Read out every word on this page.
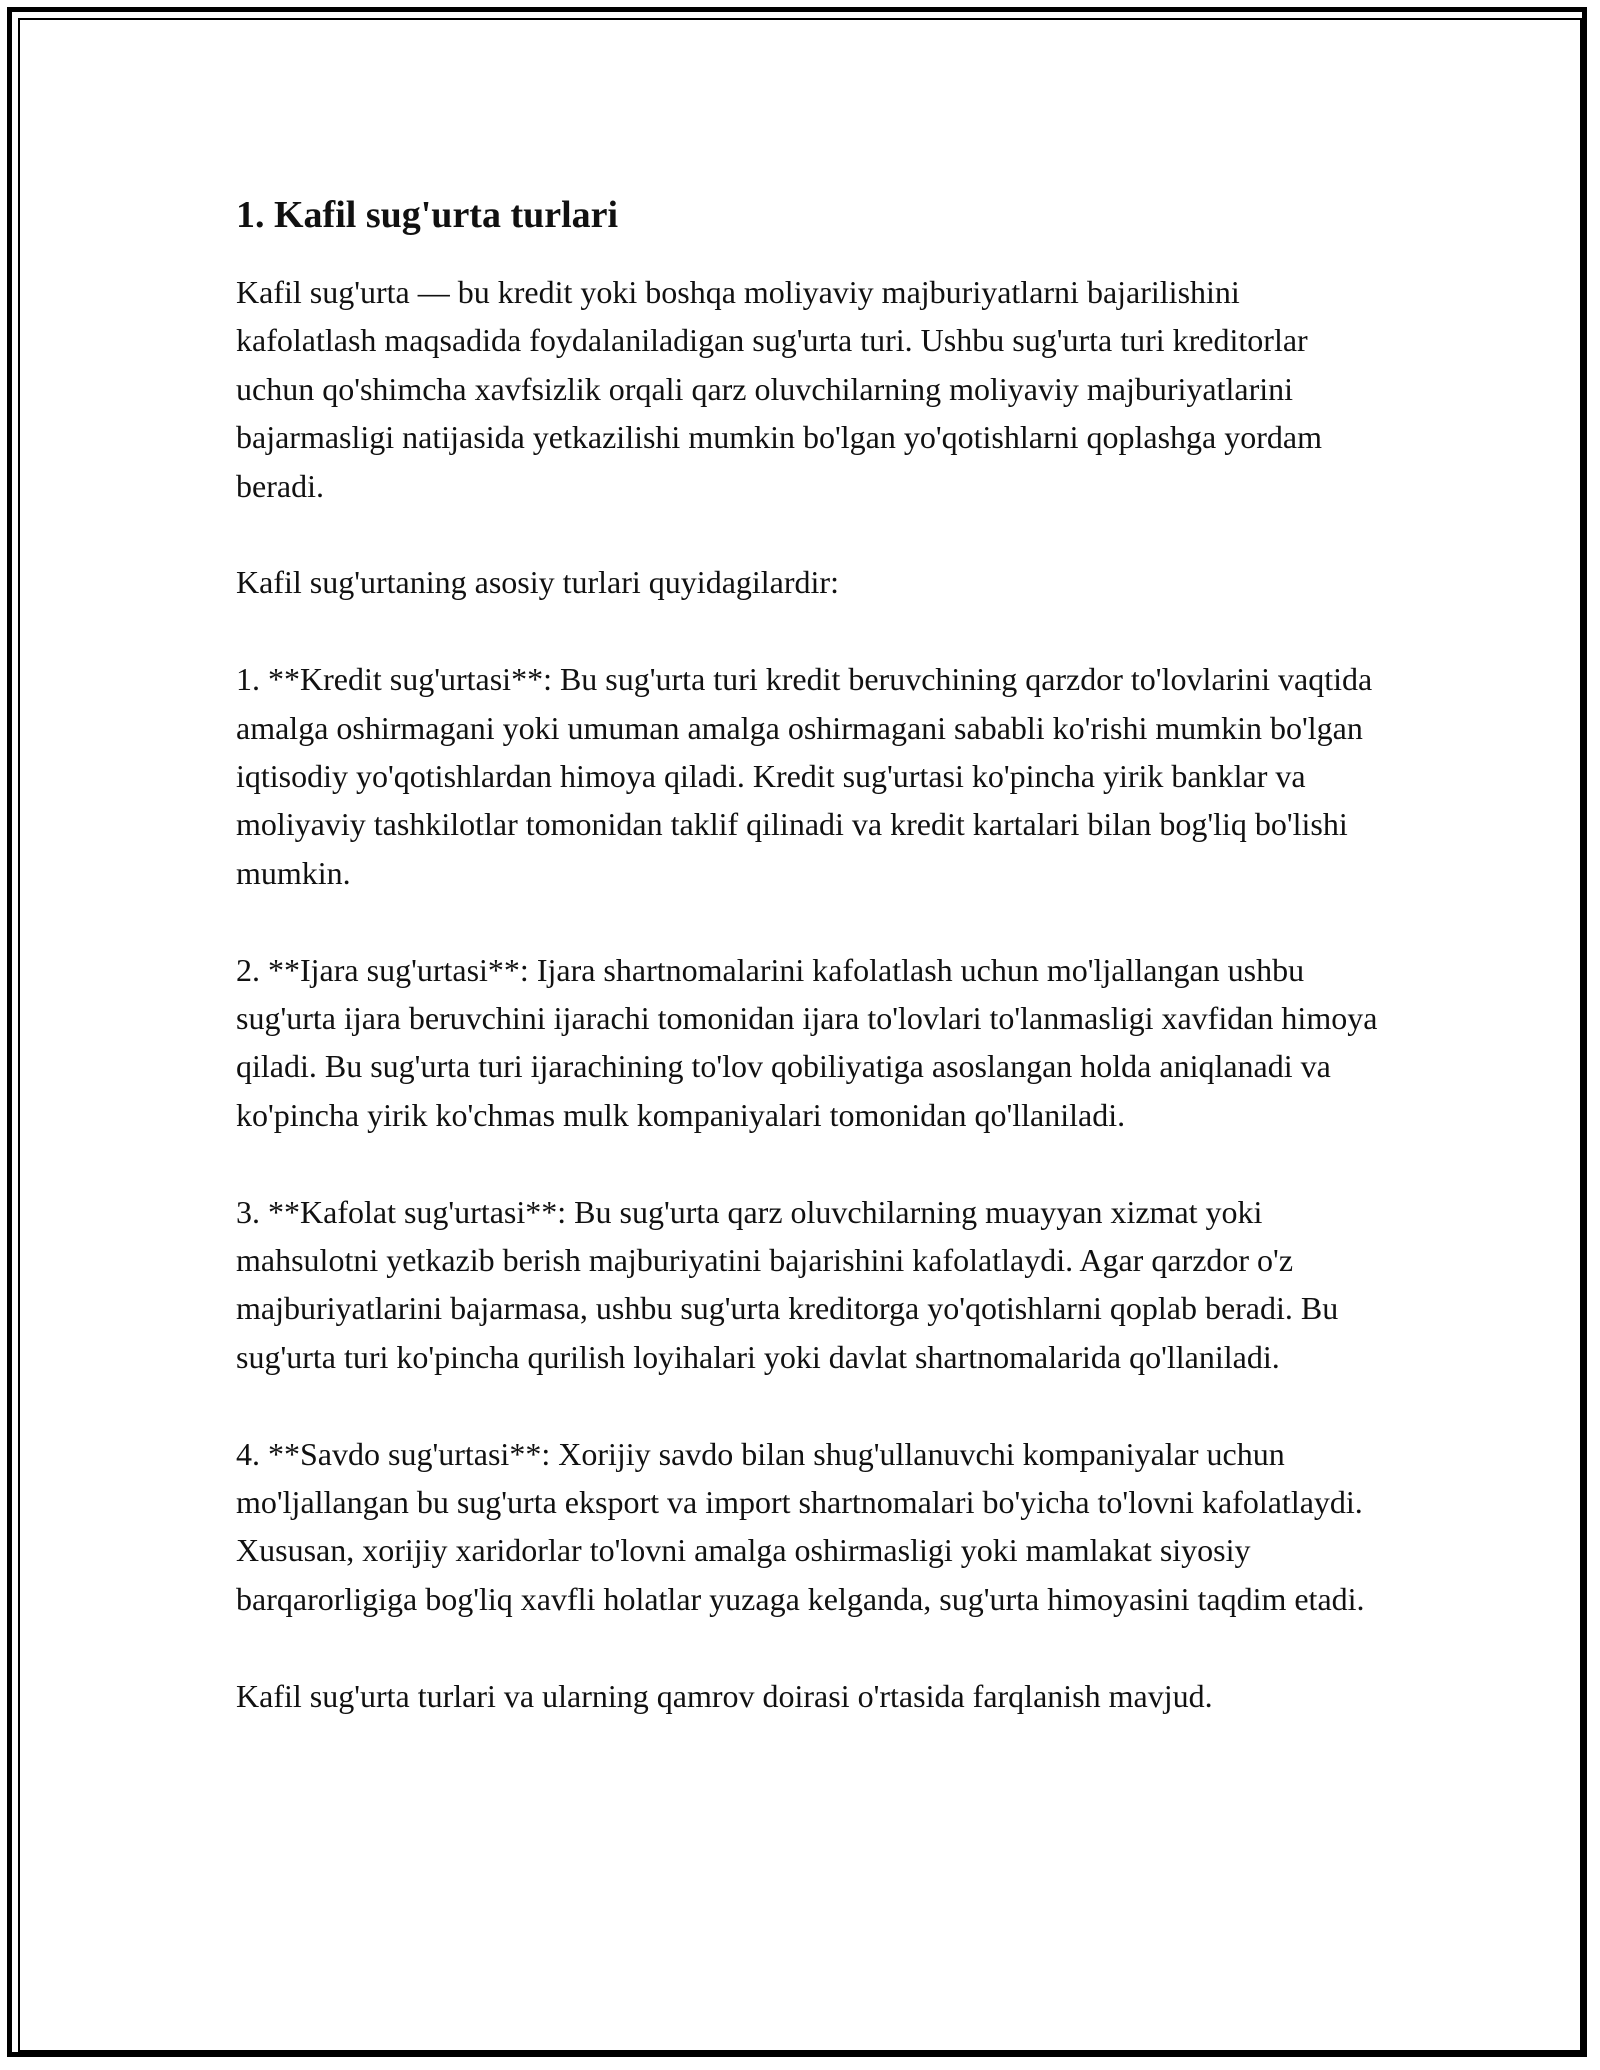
1. Kafil sug'urta turlari

Kafil sug'urta — bu kredit yoki boshqa moliyaviy majburiyatlarni bajarilishini kafolatlash maqsadida foydalaniladigan sug'urta turi. Ushbu sug'urta turi kreditorlar uchun qo'shimcha xavfsizlik orqali qarz oluvchilarning moliyaviy majburiyatlarini bajarmasligi natijasida yetkazilishi mumkin bo'lgan yo'qotishlarni qoplashga yordam beradi.

Kafil sug'urtaning asosiy turlari quyidagilardir:

1. **Kredit sug'urtasi**: Bu sug'urta turi kredit beruvchining qarzdor to'lovlarini vaqtida amalga oshirmagani yoki umuman amalga oshirmagani sababli ko'rishi mumkin bo'lgan iqtisodiy yo'qotishlardan himoya qiladi. Kredit sug'urtasi ko'pincha yirik banklar va moliyaviy tashkilotlar tomonidan taklif qilinadi va kredit kartalari bilan bog'liq bo'lishi mumkin.

2. **Ijara sug'urtasi**: Ijara shartnomalarini kafolatlash uchun mo'ljallangan ushbu sug'urta ijara beruvchini ijarachi tomonidan ijara to'lovlari to'lanmasligi xavfidan himoya qiladi. Bu sug'urta turi ijarachining to'lov qobiliyatiga asoslangan holda aniqlanadi va ko'pincha yirik ko'chmas mulk kompaniyalari tomonidan qo'llaniladi.

3. **Kafolat sug'urtasi**: Bu sug'urta qarz oluvchilarning muayyan xizmat yoki mahsulotni yetkazib berish majburiyatini bajarishini kafolatlaydi. Agar qarzdor o'z majburiyatlarini bajarmasa, ushbu sug'urta kreditorga yo'qotishlarni qoplab beradi. Bu sug'urta turi ko'pincha qurilish loyihalari yoki davlat shartnomalarida qo'llaniladi.

4. **Savdo sug'urtasi**: Xorijiy savdo bilan shug'ullanuvchi kompaniyalar uchun mo'ljallangan bu sug'urta eksport va import shartnomalari bo'yicha to'lovni kafolatlaydi. Xususan, xorijiy xaridorlar to'lovni amalga oshirmasligi yoki mamlakat siyosiy barqarorligiga bog'liq xavfli holatlar yuzaga kelganda, sug'urta himoyasini taqdim etadi.

Kafil sug'urta turlari va ularning qamrov doirasi o'rtasida farqlanish mavjud.
